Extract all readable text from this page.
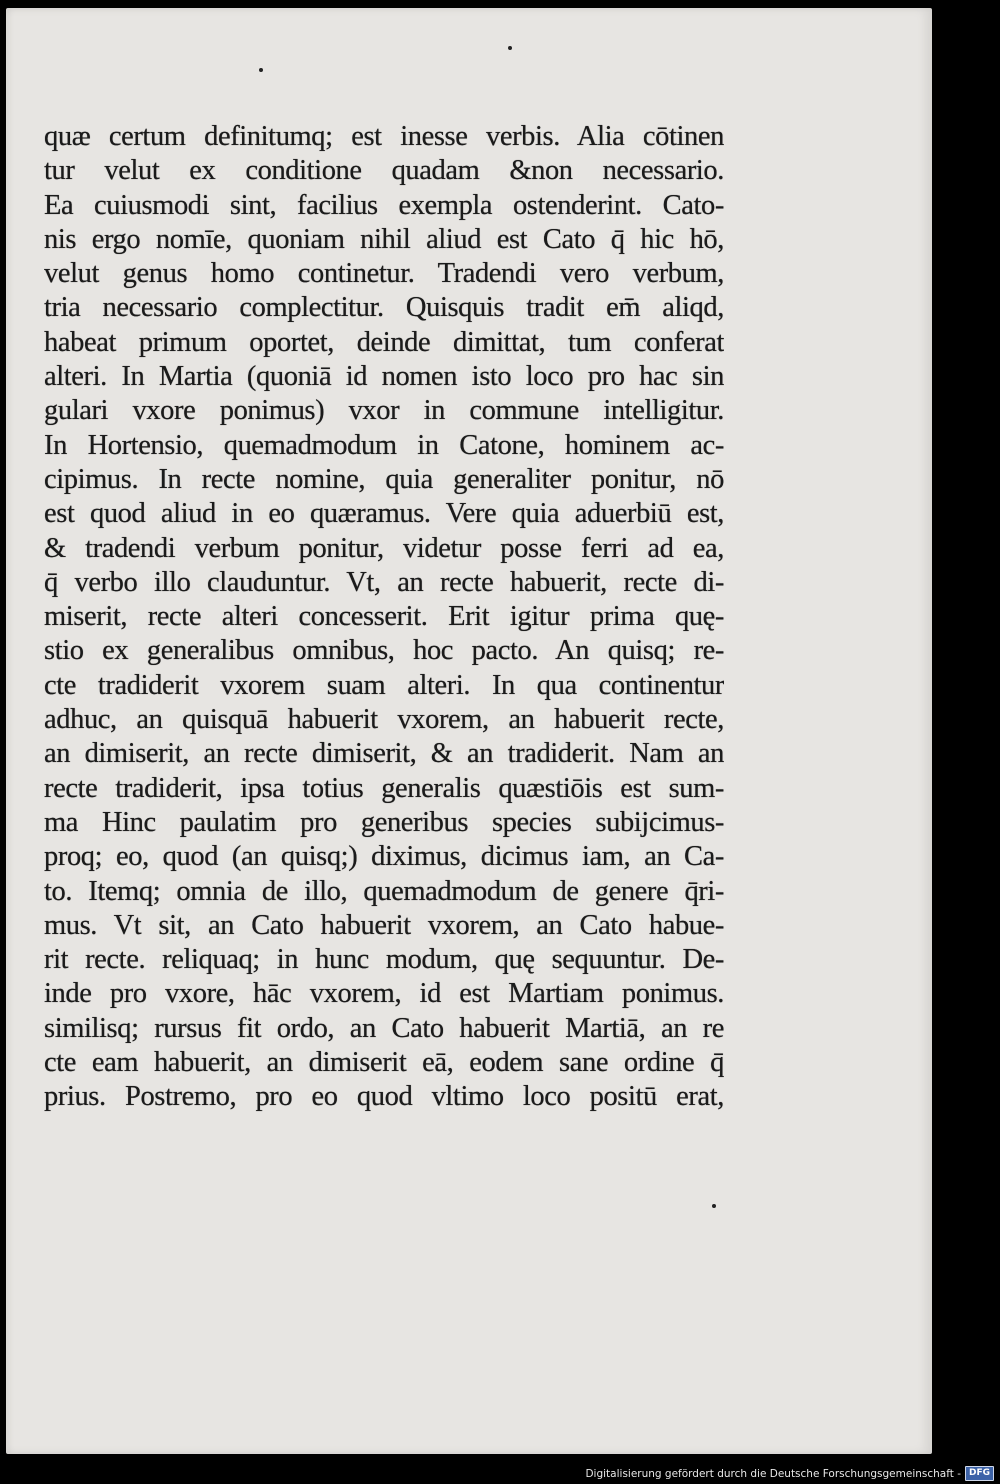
quæ certum definitumq; est inesse verbis. Alia cōtinen
tur velut ex conditione quadam &non necessario.
Ea cuiusmodi sint, facilius exempla ostenderint. Cato-
nis ergo nomīe, quoniam nihil aliud est Cato q̄ hic hō,
velut genus homo continetur. Tradendi vero verbum,
tria necessario complectitur. Quisquis tradit em̄ aliqd,
habeat primum oportet, deinde dimittat, tum conferat
alteri. In Martia (quoniā id nomen isto loco pro hac sin
gulari vxore ponimus) vxor in commune intelligitur.
In Hortensio, quemadmodum in Catone, hominem ac-
cipimus. In recte nomine, quia generaliter ponitur, nō
est quod aliud in eo quæramus. Vere quia aduerbiū est,
& tradendi verbum ponitur, videtur posse ferri ad ea,
q̄ verbo illo clauduntur. Vt, an recte habuerit, recte di-
miserit, recte alteri concesserit. Erit igitur prima quę-
stio ex generalibus omnibus, hoc pacto. An quisq; re-
cte tradiderit vxorem suam alteri. In qua continentur
adhuc, an quisquā habuerit vxorem, an habuerit recte,
an dimiserit, an recte dimiserit, & an tradiderit. Nam an
recte tradiderit, ipsa totius generalis quæstiōis est sum-
ma Hinc paulatim pro generibus species subijcimus-
proq; eo, quod (an quisq;) diximus, dicimus iam, an Ca-
to. Itemq; omnia de illo, quemadmodum de genere q̄ri-
mus. Vt sit, an Cato habuerit vxorem, an Cato habue-
rit recte. reliquaq; in hunc modum, quę sequuntur. De-
inde pro vxore, hāc vxorem, id est Martiam ponimus.
similisq; rursus fit ordo, an Cato habuerit Martiā, an re
cte eam habuerit, an dimiserit eā, eodem sane ordine q̄
prius. Postremo, pro eo quod vltimo loco positū erat,
Digitalisierung gefördert durch die Deutsche Forschungsgemeinschaft - DFG
